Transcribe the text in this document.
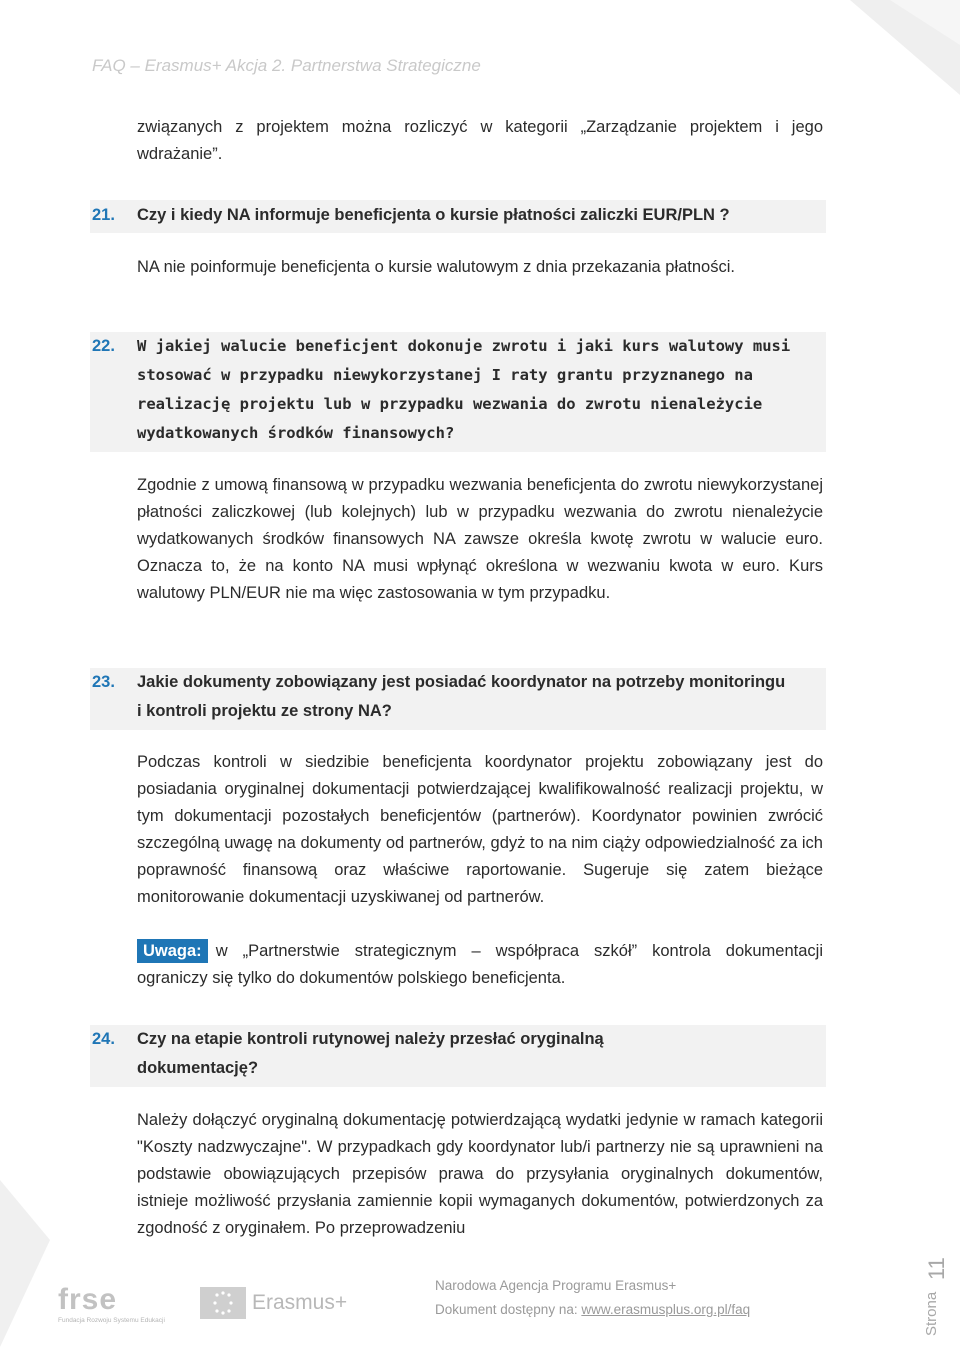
FAQ – Erasmus+ Akcja 2. Partnerstwa Strategiczne
związanych z projektem można rozliczyć w kategorii „Zarządzanie projektem i jego wdrażanie”.
21. Czy i kiedy NA informuje beneficjenta o kursie płatności zaliczki EUR/PLN ?
NA nie poinformuje beneficjenta o kursie walutowym z dnia przekazania płatności.
22. W jakiej walucie beneficjent dokonuje zwrotu i jaki kurs walutowy musi stosować w przypadku niewykorzystanej I raty grantu przyznanego na realizację projektu lub w przypadku wezwania do zwrotu nienależycie wydatkowanych środków finansowych?
Zgodnie z umową finansową w przypadku wezwania beneficjenta do zwrotu niewykorzystanej płatności zaliczkowej (lub kolejnych) lub w przypadku wezwania do zwrotu nienależycie wydatkowanych środków finansowych NA zawsze określa kwotę zwrotu w walucie euro. Oznacza to, że na konto NA musi wpłynąć określona w wezwaniu kwota w euro. Kurs walutowy PLN/EUR nie ma więc zastosowania w tym przypadku.
23. Jakie dokumenty zobowiązany jest posiadać koordynator na potrzeby monitoringu i kontroli projektu ze strony NA?
Podczas kontroli w siedzibie beneficjenta koordynator projektu zobowiązany jest do posiadania oryginalnej dokumentacji potwierdzającej kwalifikowalność realizacji projektu, w tym dokumentacji pozostałych beneficjentów (partnerów). Koordynator powinien zwrócić szczególną uwagę na dokumenty od partnerów, gdyż to na nim ciąży odpowiedzialność za ich poprawność finansową oraz właściwe raportowanie. Sugeruje się zatem bieżące monitorowanie dokumentacji uzyskiwanej od partnerów.
Uwaga: w „Partnerstwie strategicznym – współpraca szkół” kontrola dokumentacji ograniczy się tylko do dokumentów polskiego beneficjenta.
24. Czy na etapie kontroli rutynowej należy przesłać oryginalną dokumentację?
Należy dołączyć oryginalną dokumentację potwierdzającą wydatki jedynie w ramach kategorii "Koszty nadzwyczajne". W przypadkach gdy koordynator lub/i partnerzy nie są uprawnieni na podstawie obowiązujących przepisów prawa do przysyłania oryginalnych dokumentów, istnieje możliwość przysłania zamiennie kopii wymaganych dokumentów, potwierdzonych za zgodność z oryginałem. Po przeprowadzeniu
frse
Fundacja Rozwoju Systemu Edukacji
Erasmus+
Narodowa Agencja Programu Erasmus+
Dokument dostępny na: www.erasmusplus.org.pl/faq	Strona
11
